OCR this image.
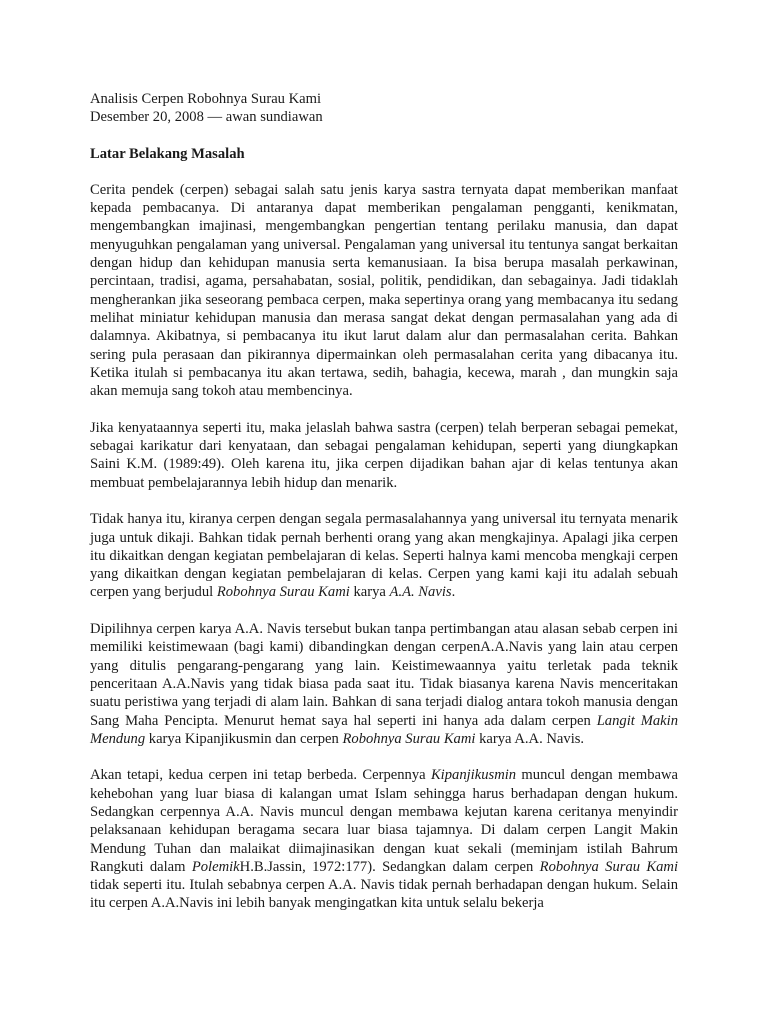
Analisis Cerpen Robohnya Surau Kami
Desember 20, 2008 — awan sundiawan
Latar Belakang Masalah

Cerita pendek (cerpen) sebagai salah satu jenis karya sastra ternyata dapat memberikan manfaat kepada pembacanya. Di antaranya dapat memberikan pengalaman pengganti, kenikmatan, mengembangkan imajinasi, mengembangkan pengertian tentang perilaku manusia, dan dapat menyuguhkan pengalaman yang universal. Pengalaman yang universal itu tentunya sangat berkaitan dengan hidup dan kehidupan manusia serta kemanusiaan. Ia bisa berupa masalah perkawinan, percintaan, tradisi, agama, persahabatan, sosial, politik, pendidikan, dan sebagainya. Jadi tidaklah mengherankan jika seseorang pembaca cerpen, maka sepertinya orang yang membacanya itu sedang melihat miniatur kehidupan manusia dan merasa sangat dekat dengan permasalahan yang ada di dalamnya. Akibatnya, si pembacanya itu ikut larut dalam alur dan permasalahan cerita. Bahkan sering pula perasaan dan pikirannya dipermainkan oleh permasalahan cerita yang dibacanya itu. Ketika itulah si pembacanya itu akan tertawa, sedih, bahagia, kecewa, marah , dan mungkin saja akan memuja sang tokoh atau membencinya.

Jika kenyataannya seperti itu, maka jelaslah bahwa sastra (cerpen) telah berperan sebagai pemekat, sebagai karikatur dari kenyataan, dan sebagai pengalaman kehidupan, seperti yang diungkapkan Saini K.M. (1989:49). Oleh karena itu, jika cerpen dijadikan bahan ajar di kelas tentunya akan membuat pembelajarannya lebih hidup dan menarik.

Tidak hanya itu, kiranya cerpen dengan segala permasalahannya yang universal itu ternyata menarik juga untuk dikaji. Bahkan tidak pernah berhenti orang yang akan mengkajinya. Apalagi jika cerpen itu dikaitkan dengan kegiatan pembelajaran di kelas. Seperti halnya kami mencoba mengkaji cerpen yang dikaitkan dengan kegiatan pembelajaran di kelas. Cerpen yang kami kaji itu adalah sebuah cerpen yang berjudul Robohnya Surau Kami karya A.A. Navis.

Dipilihnya cerpen karya A.A. Navis tersebut bukan tanpa pertimbangan atau alasan sebab cerpen ini memiliki keistimewaan (bagi kami) dibandingkan dengan cerpenA.A.Navis yang lain atau cerpen yang ditulis pengarang-pengarang yang lain. Keistimewaannya yaitu terletak pada teknik penceritaan A.A.Navis yang tidak biasa pada saat itu. Tidak biasanya karena Navis menceritakan suatu peristiwa yang terjadi di alam lain. Bahkan di sana terjadi dialog antara tokoh manusia dengan Sang Maha Pencipta. Menurut hemat saya hal seperti ini hanya ada dalam cerpen Langit Makin Mendung karya Kipanjikusmin dan cerpen Robohnya Surau Kami karya A.A. Navis.

Akan tetapi, kedua cerpen ini tetap berbeda. Cerpennya Kipanjikusmin muncul dengan membawa kehebohan yang luar biasa di kalangan umat Islam sehingga harus berhadapan dengan hukum. Sedangkan cerpennya A.A. Navis muncul dengan membawa kejutan karena ceritanya menyindir pelaksanaan kehidupan beragama secara luar biasa tajamnya. Di dalam cerpen Langit Makin Mendung Tuhan dan malaikat diimajinasikan dengan kuat sekali (meminjam istilah Bahrum Rangkuti dalam PolemikH.B.Jassin, 1972:177). Sedangkan dalam cerpen Robohnya Surau Kami tidak seperti itu. Itulah sebabnya cerpen A.A. Navis tidak pernah berhadapan dengan hukum. Selain itu cerpen A.A.Navis ini lebih banyak mengingatkan kita untuk selalu bekerja
